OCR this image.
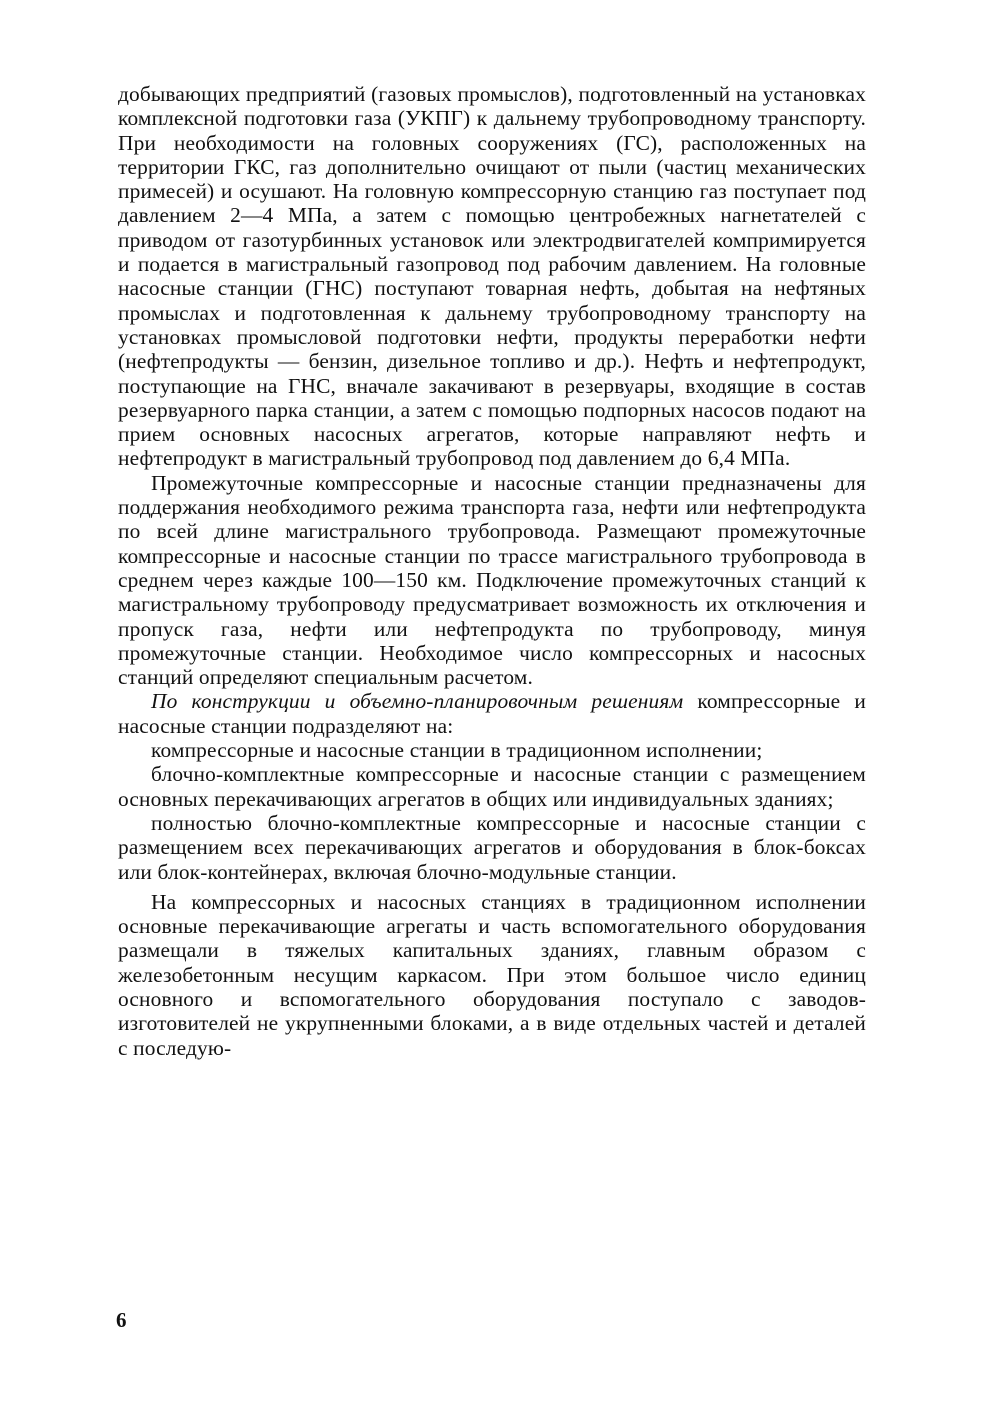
добывающих предприятий (газовых промыслов), подготовленный на установках комплексной подготовки газа (УКПГ) к дальнему трубопроводному транспорту. При необходимости на головных сооружениях (ГС), расположенных на территории ГКС, газ дополнительно очищают от пыли (частиц механических примесей) и осушают. На головную компрессорную станцию газ поступает под давлением 2—4 МПа, а затем с помощью центробежных нагнетателей с приводом от газотурбинных установок или электродвигателей компримируется и подается в магистральный газопровод под рабочим давлением. На головные насосные станции (ГНС) поступают товарная нефть, добытая на нефтяных промыслах и подготовленная к дальнему трубопроводному транспорту на установках промысловой подготовки нефти, продукты переработки нефти (нефтепродукты — бензин, дизельное топливо и др.). Нефть и нефтепродукт, поступающие на ГНС, вначале закачивают в резервуары, входящие в состав резервуарного парка станции, а затем с помощью подпорных насосов подают на прием основных насосных агрегатов, которые направляют нефть и нефтепродукт в магистральный трубопровод под давлением до 6,4 МПа.

Промежуточные компрессорные и насосные станции предназначены для поддержания необходимого режима транспорта газа, нефти или нефтепродукта по всей длине магистрального трубопровода. Размещают промежуточные компрессорные и насосные станции по трассе магистрального трубопровода в среднем через каждые 100—150 км. Подключение промежуточных станций к магистральному трубопроводу предусматривает возможность их отключения и пропуск газа, нефти или нефтепродукта по трубопроводу, минуя промежуточные станции. Необходимое число компрессорных и насосных станций определяют специальным расчетом.

По конструкции и объемно-планировочным решениям компрессорные и насосные станции подразделяют на:

компрессорные и насосные станции в традиционном исполнении;

блочно-комплектные компрессорные и насосные станции с размещением основных перекачивающих агрегатов в общих или индивидуальных зданиях;

полностью блочно-комплектные компрессорные и насосные станции с размещением всех перекачивающих агрегатов и оборудования в блок-боксах или блок-контейнерах, включая блочно-модульные станции.

На компрессорных и насосных станциях в традиционном исполнении основные перекачивающие агрегаты и часть вспомогательного оборудования размещали в тяжелых капитальных зданиях, главным образом с железобетонным несущим каркасом. При этом большое число единиц основного и вспомогательного оборудования поступало с заводов-изготовителей не укрупненными блоками, а в виде отдельных частей и деталей с последую-

6
